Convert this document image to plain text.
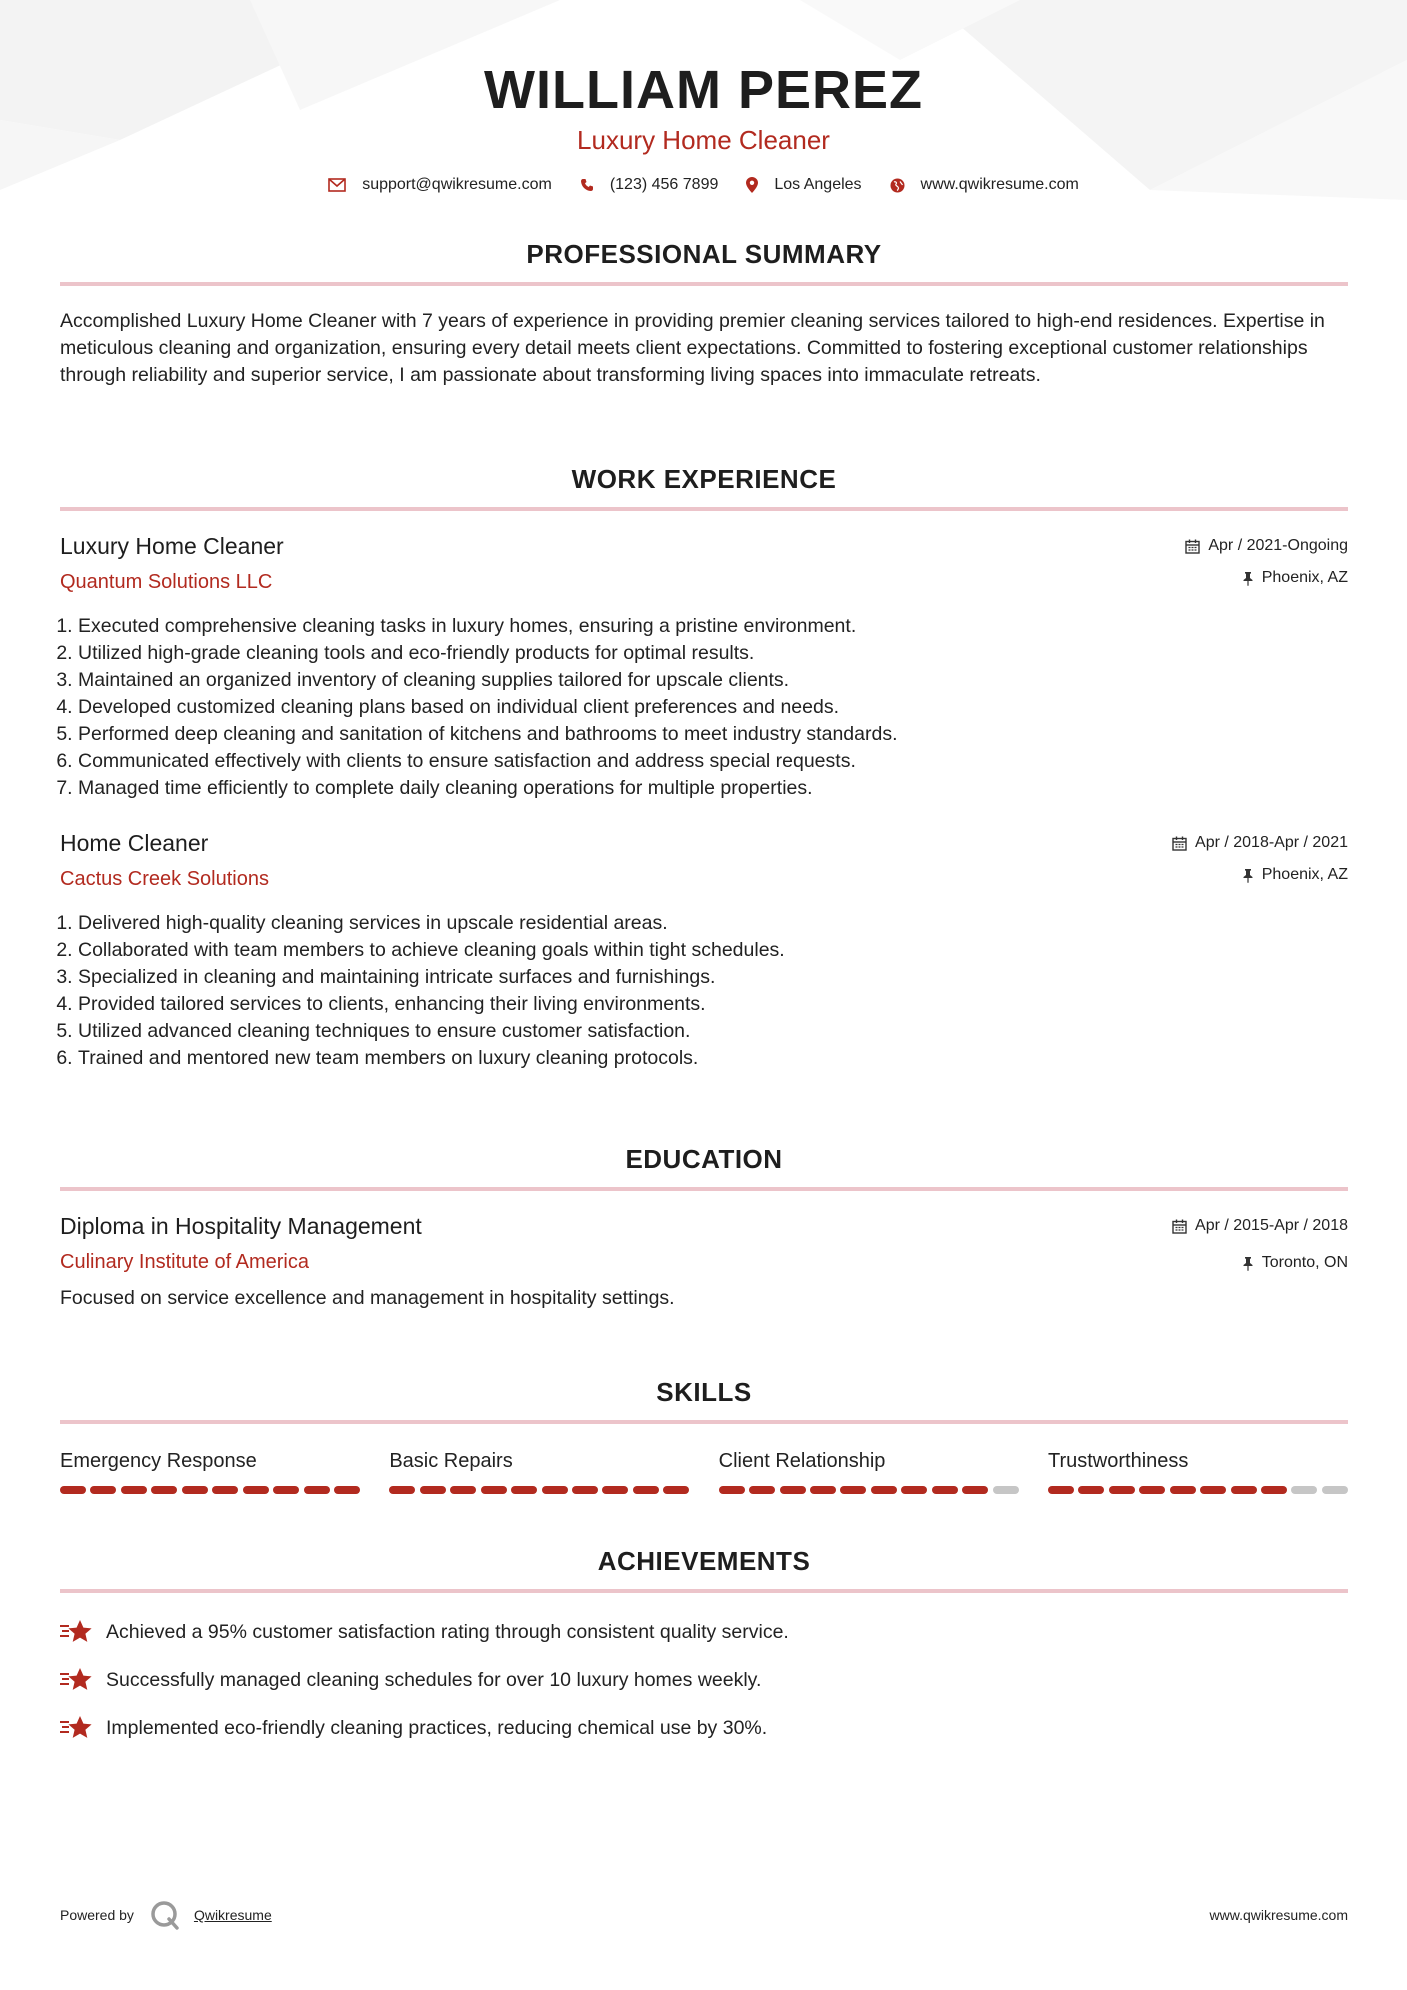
WILLIAM PEREZ
Luxury Home Cleaner
support@qwikresume.com	(123) 456 7899	Los Angeles	www.qwikresume.com
PROFESSIONAL SUMMARY

Accomplished Luxury Home Cleaner with 7 years of experience in providing premier cleaning services tailored to high-end residences. Expertise in meticulous cleaning and organization, ensuring every detail meets client expectations. Committed to fostering exceptional customer relationships through reliability and superior service, I am passionate about transforming living spaces into immaculate retreats.

WORK EXPERIENCE
Luxury Home Cleaner
Quantum Solutions LLC
Apr / 2021-Ongoing
Phoenix, AZ
1. Executed comprehensive cleaning tasks in luxury homes, ensuring a pristine environment.
2. Utilized high-grade cleaning tools and eco-friendly products for optimal results.
3. Maintained an organized inventory of cleaning supplies tailored for upscale clients.
4. Developed customized cleaning plans based on individual client preferences and needs.
5. Performed deep cleaning and sanitation of kitchens and bathrooms to meet industry standards.
6. Communicated effectively with clients to ensure satisfaction and address special requests.
7. Managed time efficiently to complete daily cleaning operations for multiple properties.
Home Cleaner
Cactus Creek Solutions
Apr / 2018-Apr / 2021
Phoenix, AZ
1. Delivered high-quality cleaning services in upscale residential areas.
2. Collaborated with team members to achieve cleaning goals within tight schedules.
3. Specialized in cleaning and maintaining intricate surfaces and furnishings.
4. Provided tailored services to clients, enhancing their living environments.
5. Utilized advanced cleaning techniques to ensure customer satisfaction.
6. Trained and mentored new team members on luxury cleaning protocols.
EDUCATION
Diploma in Hospitality Management
Culinary Institute of America
Apr / 2015-Apr / 2018
Toronto, ON

Focused on service excellence and management in hospitality settings.

SKILLS
Emergency Response	Basic Repairs	Client Relationship	Trustworthiness
ACHIEVEMENTS
Achieved a 95% customer satisfaction rating through consistent quality service.
Successfully managed cleaning schedules for over 10 luxury homes weekly.
Implemented eco-friendly cleaning practices, reducing chemical use by 30%.
Powered by	Qwikresume	www.qwikresume.com
